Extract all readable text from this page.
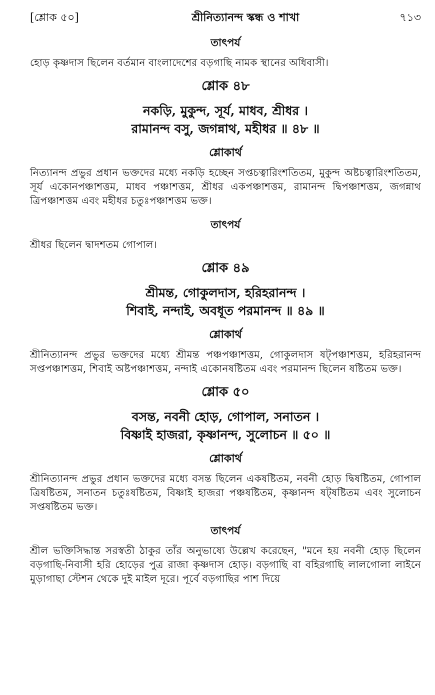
[শ্লোক ৫০]	শ্রীনিত্যানন্দ স্কন্ধ ও শাখা	৭১৩
তাৎপর্য

হোড় কৃষ্ণদাস ছিলেন বর্তমান বাংলাদেশের বড়গাছি নামক স্থানের অধিবাসী।

শ্লোক ৪৮
নকড়ি, মুকুন্দ, সূর্য, মাধব, শ্রীধর ।
রামানন্দ বসু, জগন্নাথ, মহীধর ॥ ৪৮ ॥
শ্লোকার্থ

নিত্যানন্দ প্রভুর প্রধান ভক্তদের মধ্যে নকড়ি হচ্ছেন সপ্তচত্বারিংশতিতম, মুকুন্দ অষ্টচত্বারিংশতিতম, সূর্য একোনপঞ্চাশত্তম, মাধব পঞ্চাশত্তম, শ্রীধর একপঞ্চাশত্তম, রামানন্দ দ্বিপঞ্চাশত্তম, জগন্নাথ ত্রিপঞ্চাশত্তম এবং মহীধর চতুঃপঞ্চাশত্তম ভক্ত।

তাৎপর্য

শ্রীধর ছিলেন দ্বাদশতম গোপাল।

শ্লোক ৪৯
শ্রীমন্ত, গোকুলদাস, হরিহরানন্দ ।
শিবাই, নন্দাই, অবধূত পরমানন্দ ॥ ৪৯ ॥
শ্লোকার্থ

শ্রীনিত্যানন্দ প্রভুর ভক্তদের মধ্যে শ্রীমন্ত পঞ্চপঞ্চাশত্তম, গোকুলদাস ষট্পঞ্চাশত্তম, হরিহরানন্দ সপ্তপঞ্চাশত্তম, শিবাই অষ্টপঞ্চাশত্তম, নন্দাই একোনষষ্টিতম এবং পরমানন্দ ছিলেন ষষ্টিতম ভক্ত।

শ্লোক ৫০
বসন্ত, নবনী হোড়, গোপাল, সনাতন ।
বিষ্ণাই হাজরা, কৃষ্ণানন্দ, সুলোচন ॥ ৫০ ॥
শ্লোকার্থ

শ্রীনিত্যানন্দ প্রভুর প্রধান ভক্তদের মধ্যে বসন্ত ছিলেন একষষ্টিতম, নবনী হোড় দ্বিষষ্টিতম, গোপাল ত্রিষষ্টিতম, সনাতন চতুঃষষ্টিতম, বিষ্ণাই হাজরা পঞ্চষষ্টিতম, কৃষ্ণানন্দ ষট্ষষ্টিতম এবং সুলোচন সপ্তষষ্টিতম ভক্ত।

তাৎপর্য

শ্রীল ভক্তিসিদ্ধান্ত সরস্বতী ঠাকুর তাঁর অনুভাষ্যে উল্লেখ করেছেন, "মনে হয় নবনী হোড় ছিলেন বড়গাছি-নিবাসী হরি হোড়ের পুত্র রাজা কৃষ্ণদাস হোড়। বড়গাছি বা বহিরগাছি লালগোলা লাইনে মুড়াগাছা স্টেশন থেকে দুই মাইল দূরে। পূর্বে বড়গাছির পাশ দিয়ে
